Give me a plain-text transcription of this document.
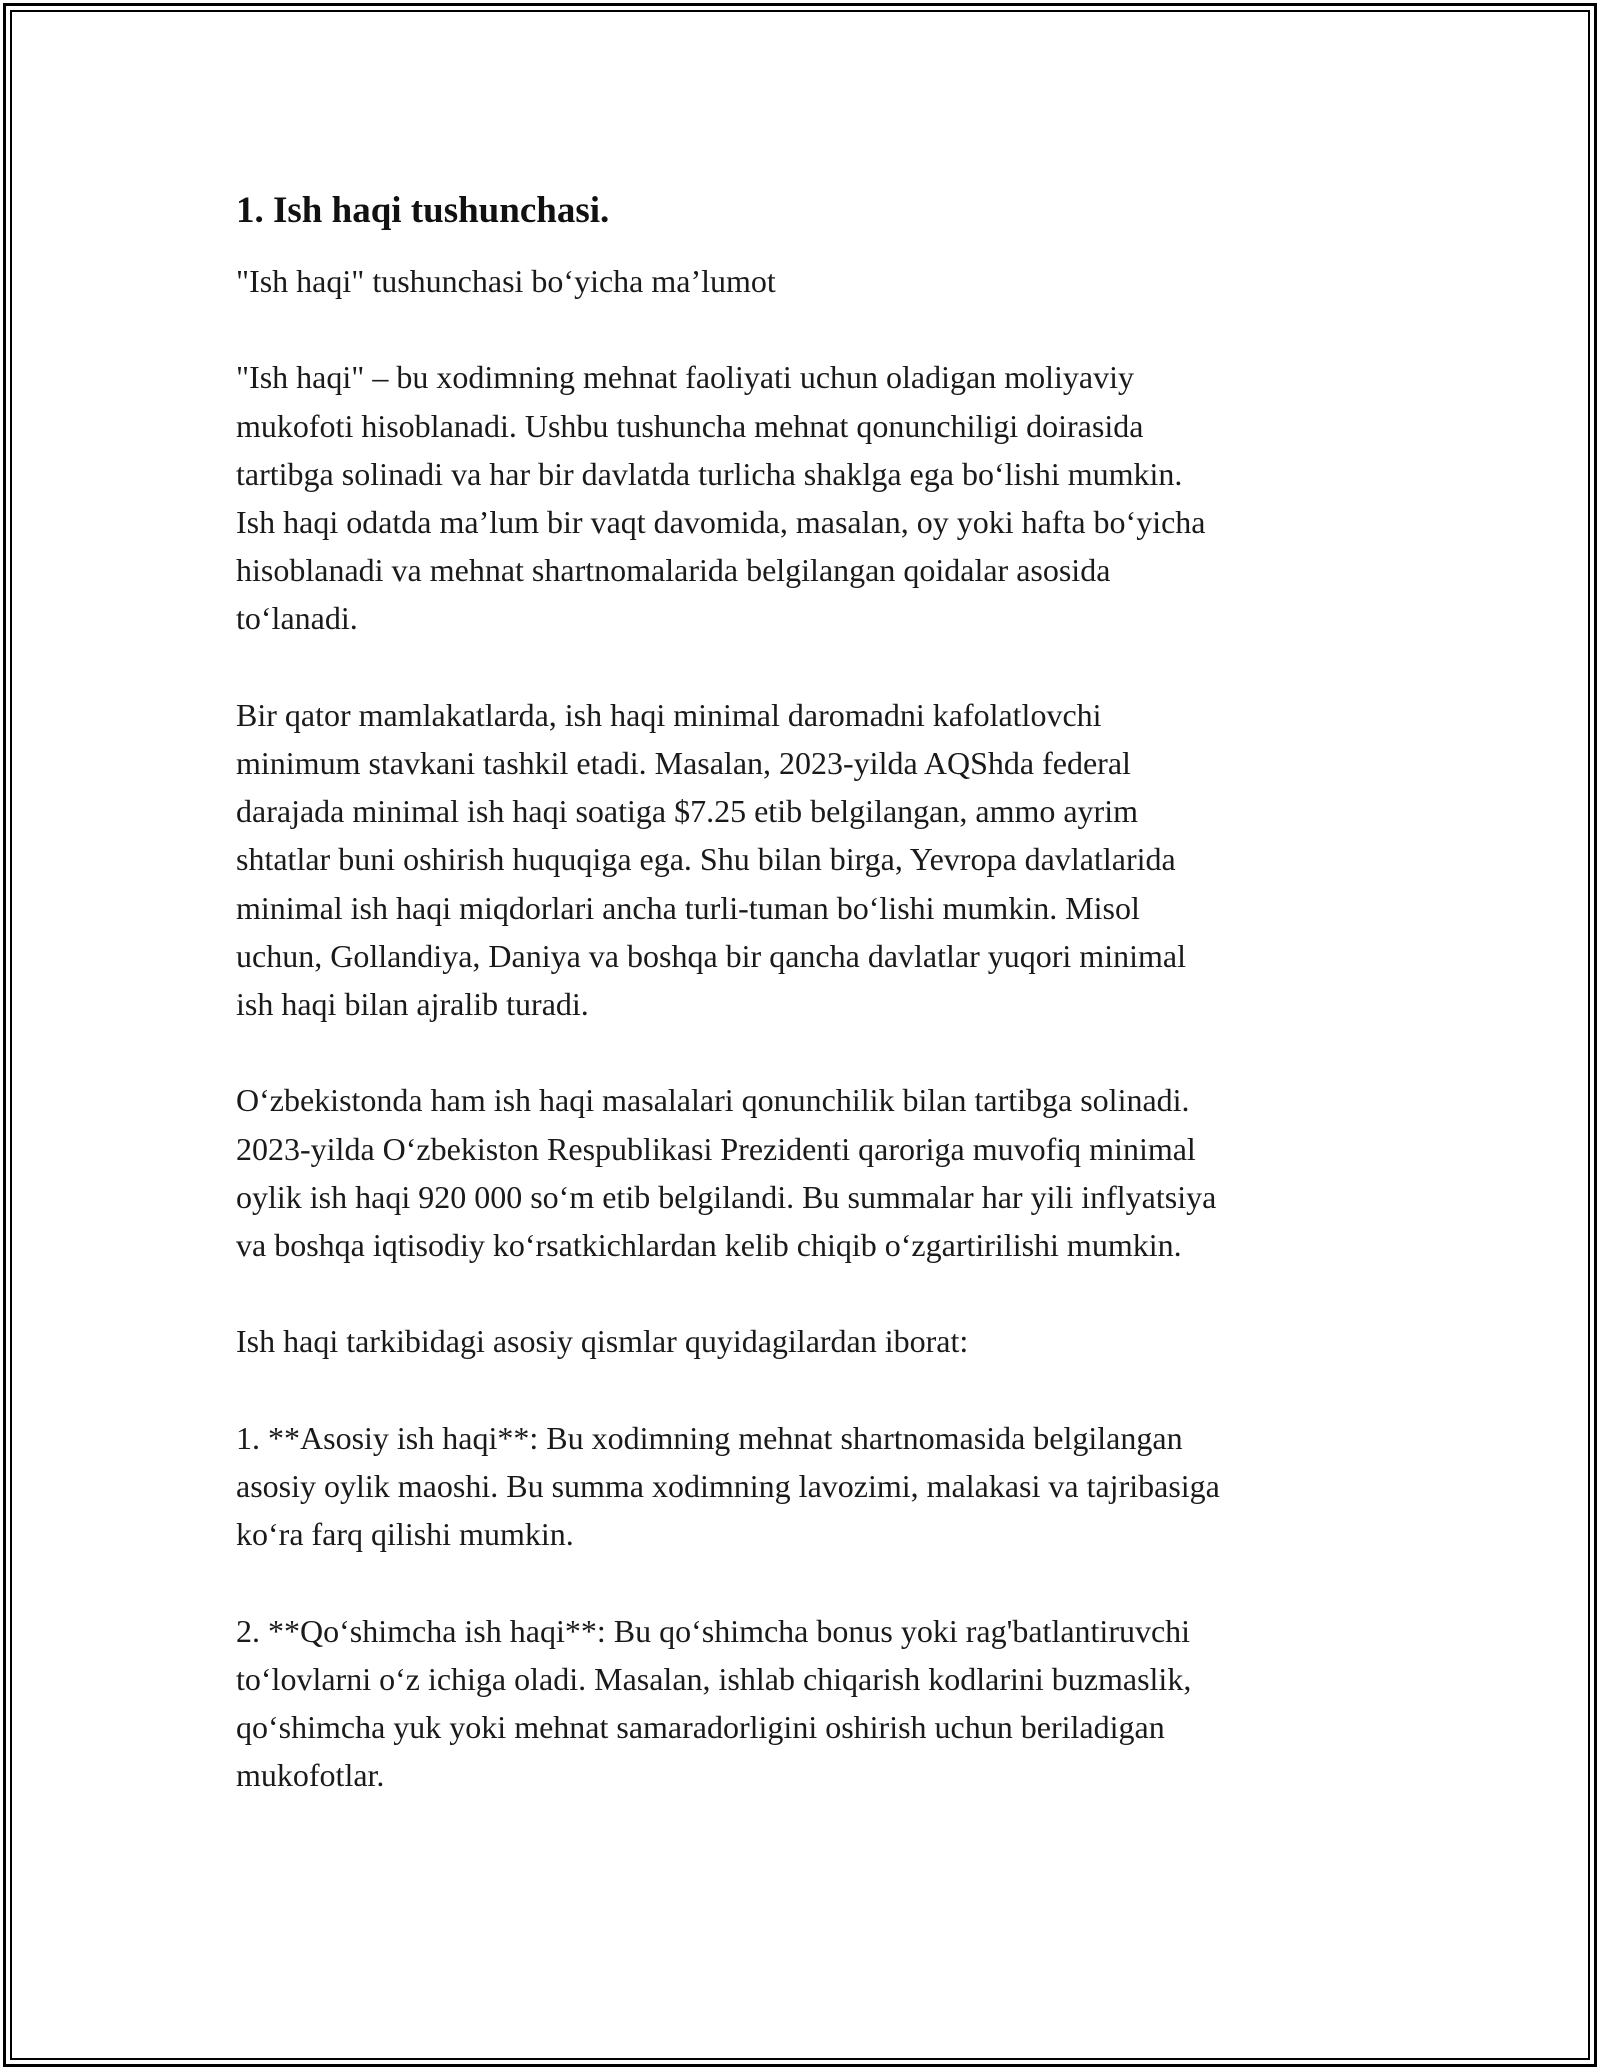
1. Ish haqi tushunchasi.

"Ish haqi" tushunchasi bo‘yicha ma’lumot

"Ish haqi" – bu xodimning mehnat faoliyati uchun oladigan moliyaviy
mukofoti hisoblanadi. Ushbu tushuncha mehnat qonunchiligi doirasida
tartibga solinadi va har bir davlatda turlicha shaklga ega bo‘lishi mumkin.
Ish haqi odatda ma’lum bir vaqt davomida, masalan, oy yoki hafta bo‘yicha
hisoblanadi va mehnat shartnomalarida belgilangan qoidalar asosida
to‘lanadi.

Bir qator mamlakatlarda, ish haqi minimal daromadni kafolatlovchi
minimum stavkani tashkil etadi. Masalan, 2023-yilda AQShda federal
darajada minimal ish haqi soatiga $7.25 etib belgilangan, ammo ayrim
shtatlar buni oshirish huquqiga ega. Shu bilan birga, Yevropa davlatlarida
minimal ish haqi miqdorlari ancha turli-tuman bo‘lishi mumkin. Misol
uchun, Gollandiya, Daniya va boshqa bir qancha davlatlar yuqori minimal
ish haqi bilan ajralib turadi.

O‘zbekistonda ham ish haqi masalalari qonunchilik bilan tartibga solinadi.
2023-yilda O‘zbekiston Respublikasi Prezidenti qaroriga muvofiq minimal
oylik ish haqi 920 000 so‘m etib belgilandi. Bu summalar har yili inflyatsiya
va boshqa iqtisodiy ko‘rsatkichlardan kelib chiqib o‘zgartirilishi mumkin.

Ish haqi tarkibidagi asosiy qismlar quyidagilardan iborat:

1. **Asosiy ish haqi**: Bu xodimning mehnat shartnomasida belgilangan
asosiy oylik maoshi. Bu summa xodimning lavozimi, malakasi va tajribasiga
ko‘ra farq qilishi mumkin.

2. **Qo‘shimcha ish haqi**: Bu qo‘shimcha bonus yoki rag'batlantiruvchi
to‘lovlarni o‘z ichiga oladi. Masalan, ishlab chiqarish kodlarini buzmaslik,
qo‘shimcha yuk yoki mehnat samaradorligini oshirish uchun beriladigan
mukofotlar.
